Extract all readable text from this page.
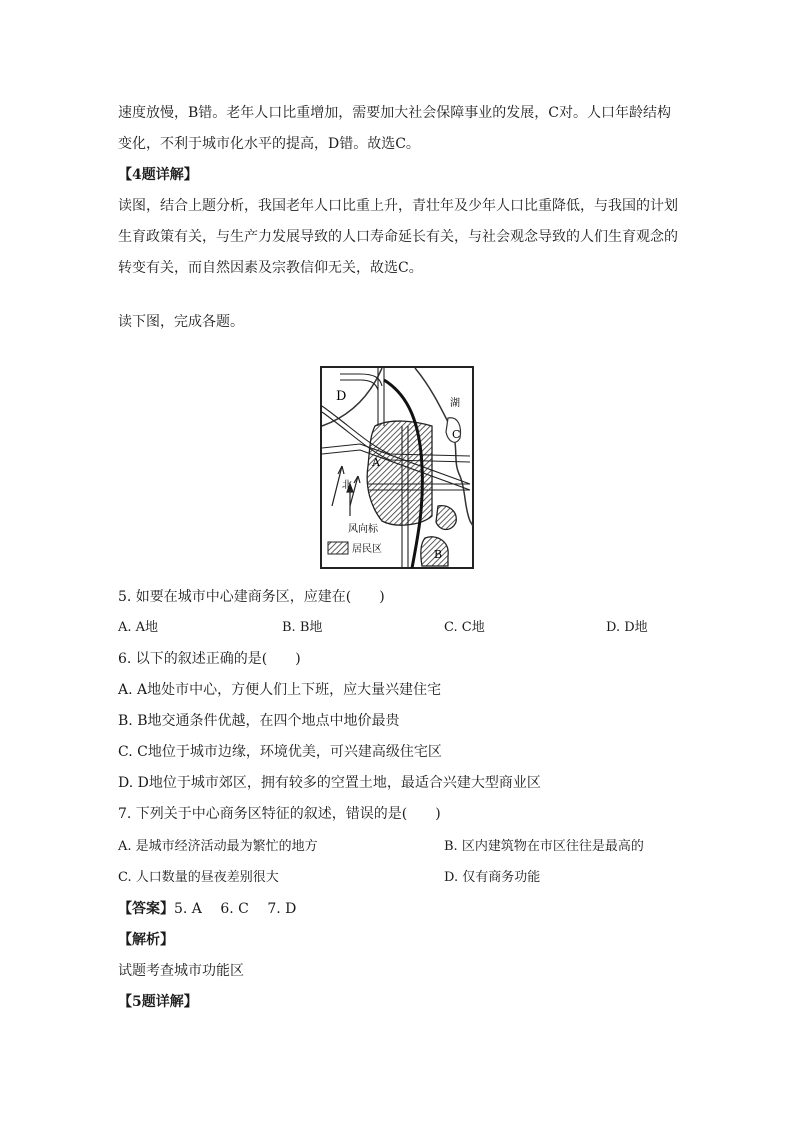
速度放慢，B错。老年人口比重增加，需要加大社会保障事业的发展，C对。人口年龄结构
变化，不利于城市化水平的提高，D错。故选C。
【4题详解】
读图，结合上题分析，我国老年人口比重上升，青壮年及少年人口比重降低，与我国的计划
生育政策有关，与生产力发展导致的人口寿命延长有关，与社会观念导致的人们生育观念的
转变有关，而自然因素及宗教信仰无关，故选C。
读下图，完成各题。
D
A
C
B
湖
北
风向标
居民区
5. 如要在城市中心建商务区，应建在(　　)
A. A地	B. B地	C. C地	D. D地
6. 以下的叙述正确的是(　　)
A. A地处市中心，方便人们上下班，应大量兴建住宅
B. B地交通条件优越，在四个地点中地价最贵
C. C地位于城市边缘，环境优美，可兴建高级住宅区
D. D地位于城市郊区，拥有较多的空置土地，最适合兴建大型商业区
7. 下列关于中心商务区特征的叙述，错误的是(　　)
A. 是城市经济活动最为繁忙的地方	B. 区内建筑物在市区往往是最高的
C. 人口数量的昼夜差别很大	D. 仅有商务功能
【答案】5. A　 6. C　 7. D
【解析】
试题考查城市功能区
【5题详解】
